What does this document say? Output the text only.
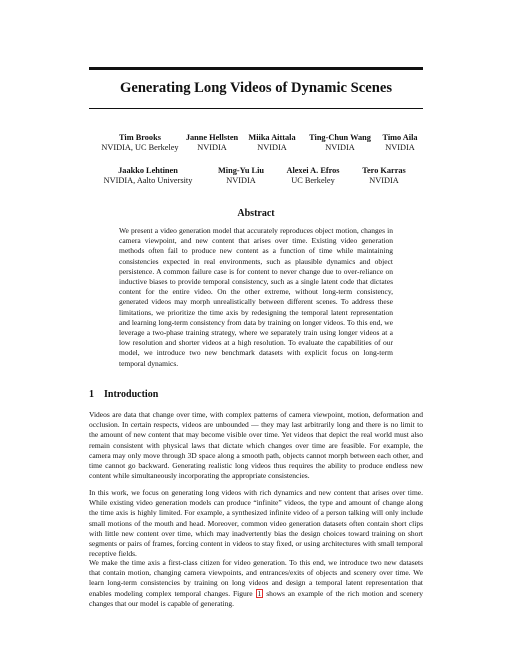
Generating Long Videos of Dynamic Scenes
Tim Brooks
NVIDIA, UC Berkeley
Janne Hellsten
NVIDIA
Miika Aittala
NVIDIA
Ting-Chun Wang
NVIDIA
Timo Aila
NVIDIA
Jaakko Lehtinen
NVIDIA, Aalto University
Ming-Yu Liu
NVIDIA
Alexei A. Efros
UC Berkeley
Tero Karras
NVIDIA
Abstract
We present a video generation model that accurately reproduces object motion, changes in camera viewpoint, and new content that arises over time. Existing video generation methods often fail to produce new content as a function of time while maintaining consistencies expected in real environments, such as plausible dynamics and object persistence. A common failure case is for content to never change due to over-reliance on inductive biases to provide temporal consistency, such as a single latent code that dictates content for the entire video. On the other extreme, without long-term consistency, generated videos may morph unrealistically between different scenes. To address these limitations, we prioritize the time axis by redesigning the temporal latent representation and learning long-term consistency from data by training on longer videos. To this end, we leverage a two-phase training strategy, where we separately train using longer videos at a low resolution and shorter videos at a high resolution. To evaluate the capabilities of our model, we introduce two new benchmark datasets with explicit focus on long-term temporal dynamics.
1 Introduction
Videos are data that change over time, with complex patterns of camera viewpoint, motion, deformation and occlusion. In certain respects, videos are unbounded — they may last arbitrarily long and there is no limit to the amount of new content that may become visible over time. Yet videos that depict the real world must also remain consistent with physical laws that dictate which changes over time are feasible. For example, the camera may only move through 3D space along a smooth path, objects cannot morph between each other, and time cannot go backward. Generating realistic long videos thus requires the ability to produce endless new content while simultaneously incorporating the appropriate consistencies.
In this work, we focus on generating long videos with rich dynamics and new content that arises over time. While existing video generation models can produce “infinite” videos, the type and amount of change along the time axis is highly limited. For example, a synthesized infinite video of a person talking will only include small motions of the mouth and head. Moreover, common video generation datasets often contain short clips with little new content over time, which may inadvertently bias the design choices toward training on short segments or pairs of frames, forcing content in videos to stay fixed, or using architectures with small temporal receptive fields.
We make the time axis a first-class citizen for video generation. To this end, we introduce two new datasets that contain motion, changing camera viewpoints, and entrances/exits of objects and scenery over time. We learn long-term consistencies by training on long videos and design a temporal latent representation that enables modeling complex temporal changes. Figure 1 shows an example of the rich motion and scenery changes that our model is capable of generating.
